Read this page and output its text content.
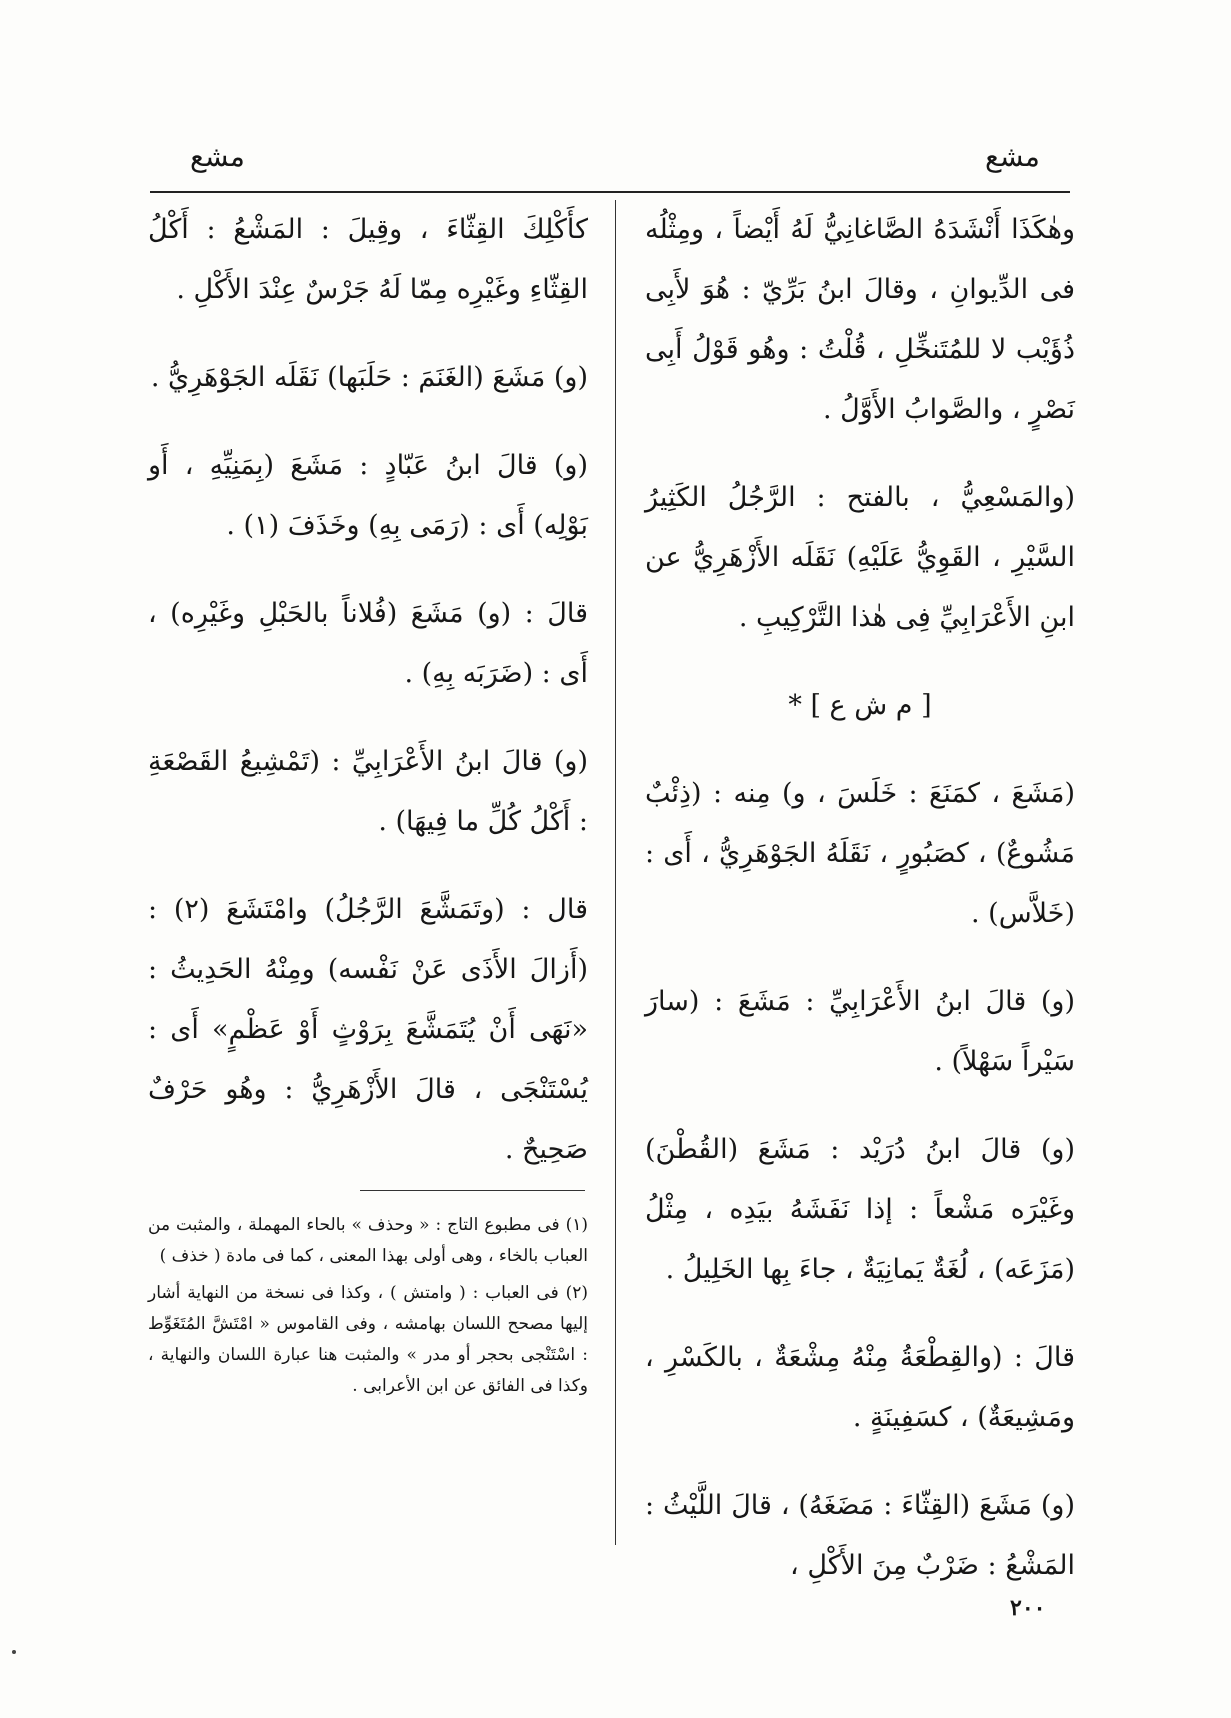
مشع
مشع

وهٰكَذَا أَنْشَدَهُ الصَّاغانِيُّ لَهُ أَيْضاً ، ومِثْلُه فى الدِّيوانِ ، وقالَ ابنُ بَرِّيّ : هُوَ لأَبِى ذُؤَيْب لا للمُتَنخِّلِ ، قُلْتُ : وهُو قَوْلُ أَبِى نَصْرٍ ، والصَّوابُ الأَوَّلُ .

(والمَسْعِيُّ ، بالفتح : الرَّجُلُ الكَثِيرُ السَّيْرِ ، القَوِيُّ عَلَيْهِ) نَقَلَه الأَزْهَرِيُّ عن ابنِ الأَعْرَابِيِّ فِى هٰذا التَّرْكِيبِ .

[ م ش ع ] *

(مَشَعَ ، كمَنَعَ : خَلَسَ ، و) مِنه : (ذِئْبٌ مَشُوعٌ) ، كصَبُورٍ ، نَقَلَهُ الجَوْهَرِيُّ ، أَى : (خَلاَّس) .

(و) قالَ ابنُ الأَعْرَابِيِّ : مَشَعَ : (سارَ سَيْراً سَهْلاً) .

(و) قالَ ابنُ دُرَيْد : مَشَعَ (القُطْنَ) وغَيْرَه مَشْعاً : إذا نَفَشَهُ بيَدِه ، مِثْلُ (مَزَعَه) ، لُغَةٌ يَمانِيَةٌ ، جاءَ بِها الخَلِيلُ .

قالَ : (والقِطْعَةُ مِنْهُ مِشْعَةٌ ، بالكَسْرِ ، ومَشِيعَةٌ) ، كسَفِينَةٍ .

(و) مَشَعَ (القِثّاءَ : مَضَغَهُ) ، قالَ اللَّيْثُ : المَشْعُ : ضَرْبٌ مِنَ الأَكْلِ ،

كأَكْلِكَ القِثّاءَ ، وقِيلَ : المَشْعُ : أَكْلُ القِثّاءِ وغَيْرِه مِمّا لَهُ جَرْسٌ عِنْدَ الأَكْلِ .

(و) مَشَعَ (الغَنَمَ : حَلَبَها) نَقَلَه الجَوْهَرِيُّ .

(و) قالَ ابنُ عَبّادٍ : مَشَعَ (بِمَنِيِّهِ ، أَو بَوْلِه) أَى : (رَمَى بِهِ) وخَذَفَ (١) .

قالَ : (و) مَشَعَ (فُلاناً بالحَبْلِ وغَيْرِه) ، أَى : (ضَرَبَه بِهِ) .

(و) قالَ ابنُ الأَعْرَابِيِّ : (تَمْشِيعُ القَصْعَةِ : أَكْلُ كُلِّ ما فِيهَا) .

قال : (وتَمَشَّعَ الرَّجُلُ) وامْتَشَعَ (٢) : (أَزالَ الأَذَى عَنْ نَفْسه) ومِنْهُ الحَدِيثُ : «نَهَى أَنْ يُتَمَشَّعَ بِرَوْثٍ أَوْ عَظْمٍ» أَى : يُسْتَنْجَى ، قالَ الأَزْهَرِيُّ : وهُو حَرْفٌ صَحِيحٌ .

(١) فى مطبوع التاج : « وحذف » بالحاء المهملة ، والمثبت من العباب بالخاء ، وهى أولى بهذا المعنى ، كما فى مادة ( خذف )

(٢) فى العباب : ( وامتش ) ، وكذا فى نسخة من النهاية أشار إليها مصحح اللسان بهامشه ، وفى القاموس « امْتَشَّ المُتَغَوِّط : اسْتَنْجى بحجر أو مدر » والمثبت هنا عبارة اللسان والنهاية ، وكذا فى الفائق عن ابن الأعرابى .

٢٠٠
